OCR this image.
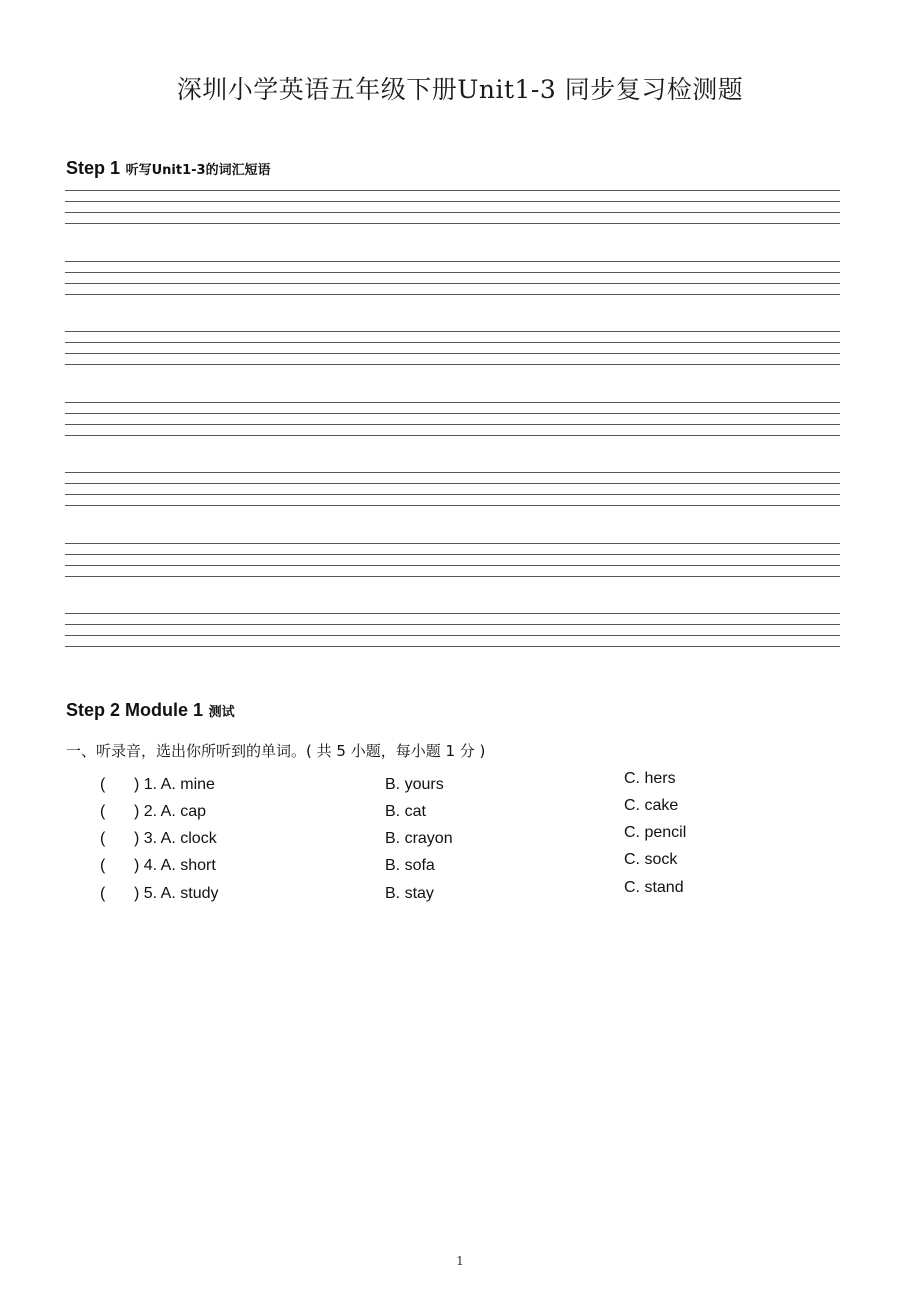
深圳小学英语五年级下册Unit1-3 同步复习检测题
Step 1 听写Unit1-3的词汇短语
Step 2 Module 1 测试
一、听录音，选出你所听到的单词。( 共 5 小题，每小题 1 分 )
( ) 1. A. mine	B. yours	C. hers
( ) 2. A. cap	B. cat	C. cake
( ) 3. A. clock	B. crayon	C. pencil
( ) 4. A. short	B. sofa	C. sock
( ) 5. A. study	B. stay	C. stand
1
